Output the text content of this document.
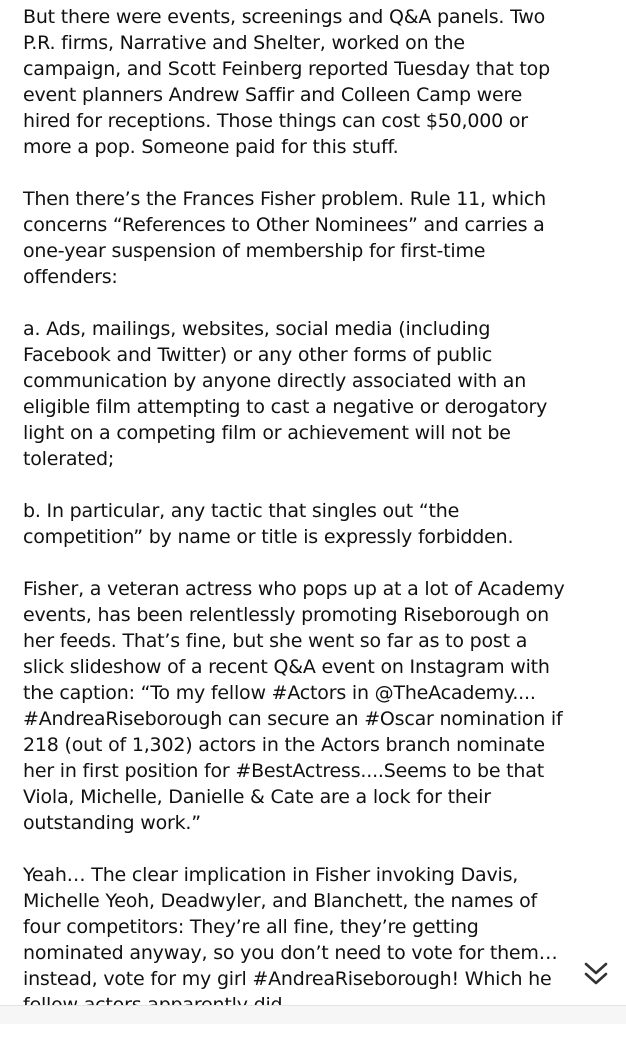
But there were events, screenings and Q&A panels. Two
P.R. firms, Narrative and Shelter, worked on the
campaign, and Scott Feinberg reported Tuesday that top
event planners Andrew Saffir and Colleen Camp were
hired for receptions. Those things can cost $50,000 or
more a pop. Someone paid for this stuff.

Then there’s the Frances Fisher problem. Rule 11, which
concerns “References to Other Nominees” and carries a
one-year suspension of membership for first-time
offenders:

a. Ads, mailings, websites, social media (including
Facebook and Twitter) or any other forms of public
communication by anyone directly associated with an
eligible film attempting to cast a negative or derogatory
light on a competing film or achievement will not be
tolerated;

b. In particular, any tactic that singles out “the
competition” by name or title is expressly forbidden.

Fisher, a veteran actress who pops up at a lot of Academy
events, has been relentlessly promoting Riseborough on
her feeds. That’s fine, but she went so far as to post a
slick slideshow of a recent Q&A event on Instagram with
the caption: “To my fellow #Actors in @TheAcademy....
#AndreaRiseborough can secure an #Oscar nomination if
218 (out of 1,302) actors in the Actors branch nominate
her in first position for #BestActress....Seems to be that
Viola, Michelle, Danielle & Cate are a lock for their
outstanding work.”

Yeah… The clear implication in Fisher invoking Davis,
Michelle Yeoh, Deadwyler, and Blanchett, the names of
four competitors: They’re all fine, they’re getting
nominated anyway, so you don’t need to vote for them…
instead, vote for my girl #AndreaRiseborough! Which he
